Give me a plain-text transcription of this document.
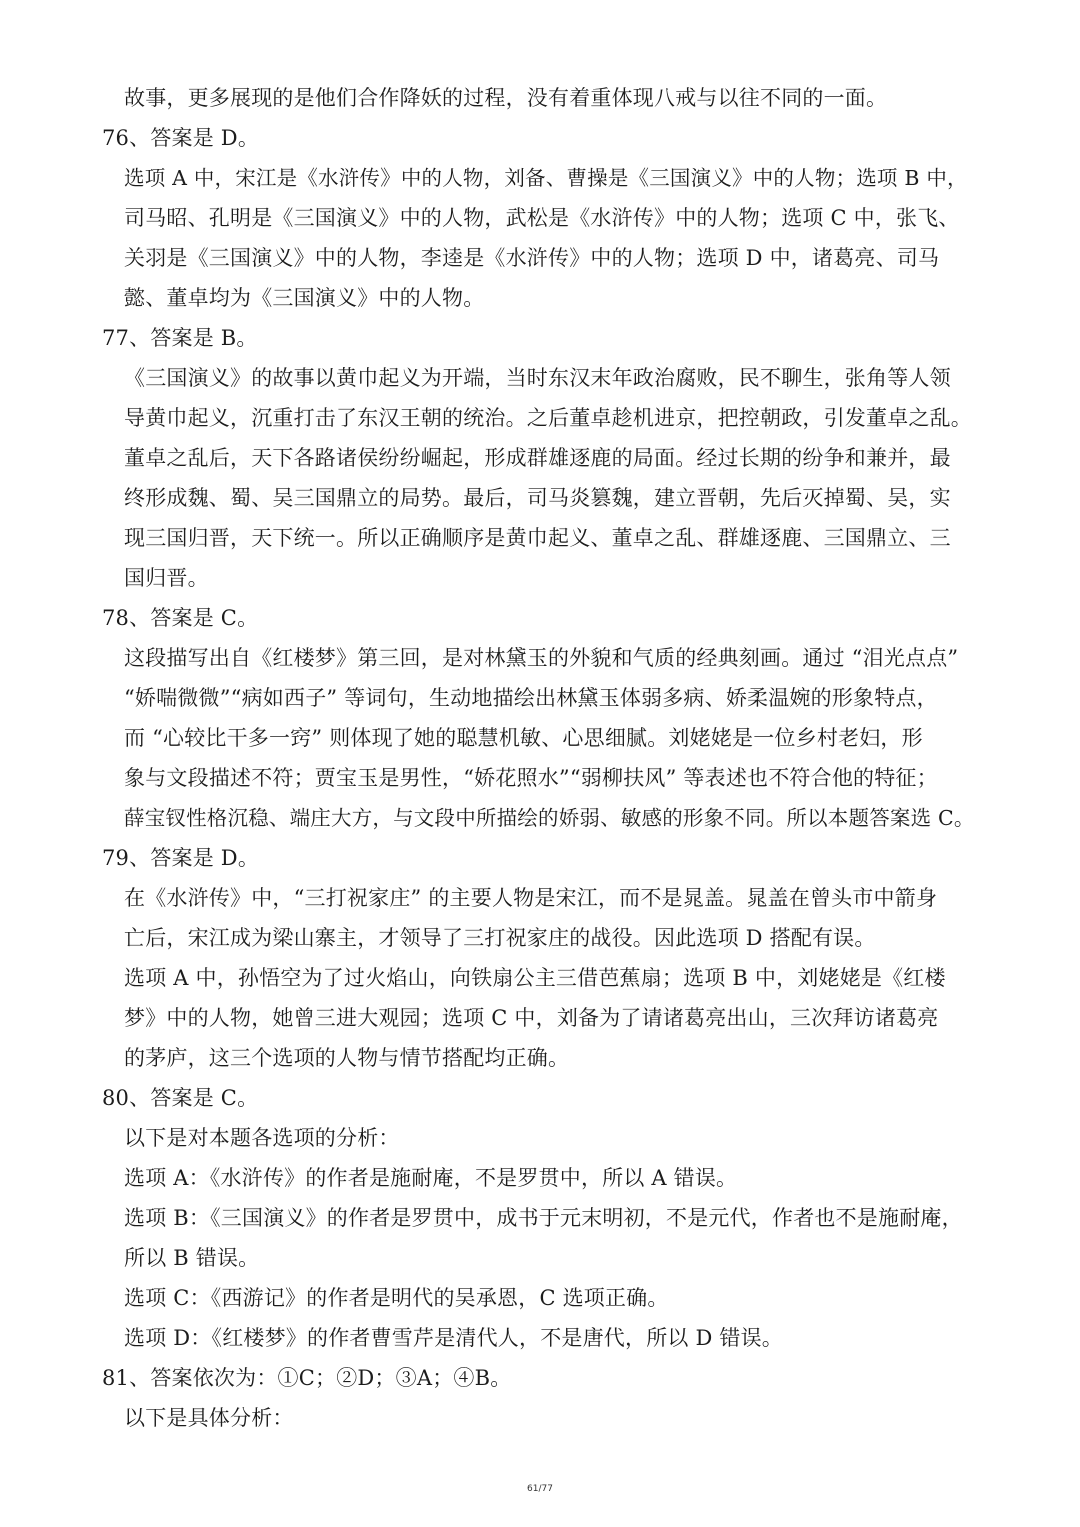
故事，更多展现的是他们合作降妖的过程，没有着重体现八戒与以往不同的一面。
76、答案是 D。
选项 A 中，宋江是《水浒传》中的人物，刘备、曹操是《三国演义》中的人物；选项 B 中，
司马昭、孔明是《三国演义》中的人物，武松是《水浒传》中的人物；选项 C 中，张飞、
关羽是《三国演义》中的人物，李逵是《水浒传》中的人物；选项 D 中，诸葛亮、司马
懿、董卓均为《三国演义》中的人物。
77、答案是 B。
《三国演义》的故事以黄巾起义为开端，当时东汉末年政治腐败，民不聊生，张角等人领
导黄巾起义，沉重打击了东汉王朝的统治。之后董卓趁机进京，把控朝政，引发董卓之乱。
董卓之乱后，天下各路诸侯纷纷崛起，形成群雄逐鹿的局面。经过长期的纷争和兼并，最
终形成魏、蜀、吴三国鼎立的局势。最后，司马炎篡魏，建立晋朝，先后灭掉蜀、吴，实
现三国归晋，天下统一。所以正确顺序是黄巾起义、董卓之乱、群雄逐鹿、三国鼎立、三
国归晋。
78、答案是 C。
这段描写出自《红楼梦》第三回，是对林黛玉的外貌和气质的经典刻画。通过 “泪光点点”
“娇喘微微”“病如西子” 等词句，生动地描绘出林黛玉体弱多病、娇柔温婉的形象特点，
而 “心较比干多一窍” 则体现了她的聪慧机敏、心思细腻。刘姥姥是一位乡村老妇，形
象与文段描述不符；贾宝玉是男性，“娇花照水”“弱柳扶风” 等表述也不符合他的特征；
薛宝钗性格沉稳、端庄大方，与文段中所描绘的娇弱、敏感的形象不同。所以本题答案选 C。
79、答案是 D。
在《水浒传》中，“三打祝家庄” 的主要人物是宋江，而不是晁盖。晁盖在曾头市中箭身
亡后，宋江成为梁山寨主，才领导了三打祝家庄的战役。因此选项 D 搭配有误。
选项 A 中，孙悟空为了过火焰山，向铁扇公主三借芭蕉扇；选项 B 中，刘姥姥是《红楼
梦》中的人物，她曾三进大观园；选项 C 中，刘备为了请诸葛亮出山，三次拜访诸葛亮
的茅庐，这三个选项的人物与情节搭配均正确。
80、答案是 C。
以下是对本题各选项的分析：
选项 A：《水浒传》的作者是施耐庵，不是罗贯中，所以 A 错误。
选项 B：《三国演义》的作者是罗贯中，成书于元末明初，不是元代，作者也不是施耐庵，
所以 B 错误。
选项 C：《西游记》的作者是明代的吴承恩，C 选项正确。
选项 D：《红楼梦》的作者曹雪芹是清代人，不是唐代，所以 D 错误。
81、答案依次为：①C；②D；③A；④B。
以下是具体分析：
61/77
